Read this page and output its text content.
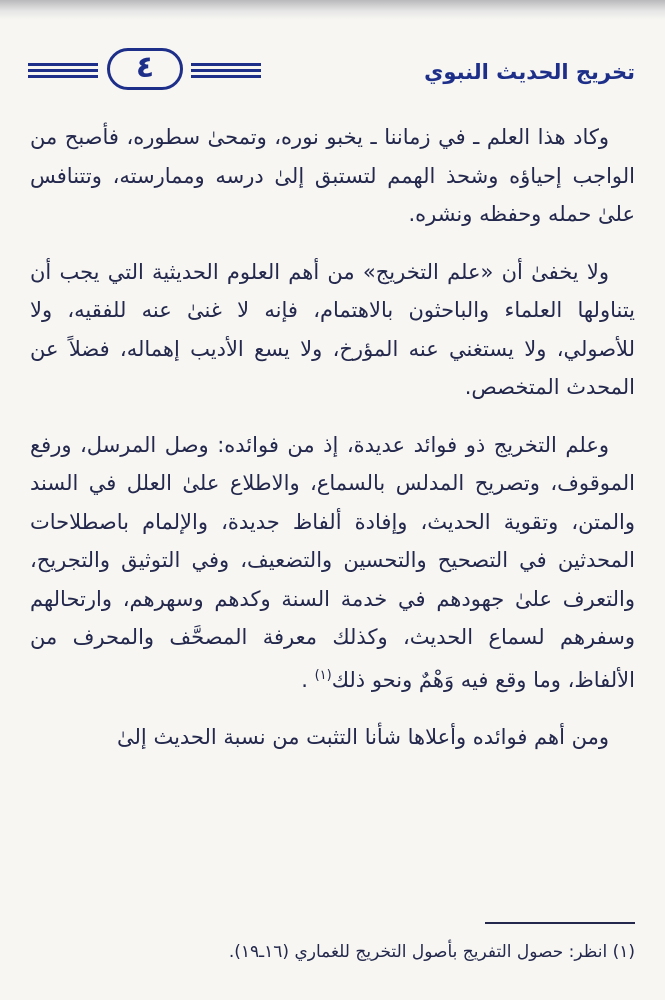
تخريج الحديث النبوي
٤

وكاد هذا العلم ـ في زماننا ـ يخبو نوره، وتمحىٰ سطوره، فأصبح من الواجب إحياؤه وشحذ الهمم لتستبق إلىٰ درسه وممارسته، وتتنافس علىٰ حمله وحفظه ونشره.

ولا يخفىٰ أن «علم التخريج» من أهم العلوم الحديثية التي يجب أن يتناولها العلماء والباحثون بالاهتمام، فإنه لا غنىٰ عنه للفقيه، ولا للأصولي، ولا يستغني عنه المؤرخ، ولا يسع الأديب إهماله، فضلاً عن المحدث المتخصص.

وعلم التخريج ذو فوائد عديدة، إذ من فوائده: وصل المرسل، ورفع الموقوف، وتصريح المدلس بالسماع، والاطلاع علىٰ العلل في السند والمتن، وتقوية الحديث، وإفادة ألفاظ جديدة، والإلمام باصطلاحات المحدثين في التصحيح والتحسين والتضعيف، وفي التوثيق والتجريح، والتعرف علىٰ جهودهم في خدمة السنة وكدهم وسهرهم، وارتحالهم وسفرهم لسماع الحديث، وكذلك معرفة المصحَّف والمحرف من الألفاظ، وما وقع فيه وَهْمٌ ونحو ذلك$^{(١)}$ .

ومن أهم فوائده وأعلاها شأنا التثبت من نسبة الحديث إلىٰ

(١) انظر: حصول التفريج بأصول التخريج للغماري (١٦ـ١٩).
